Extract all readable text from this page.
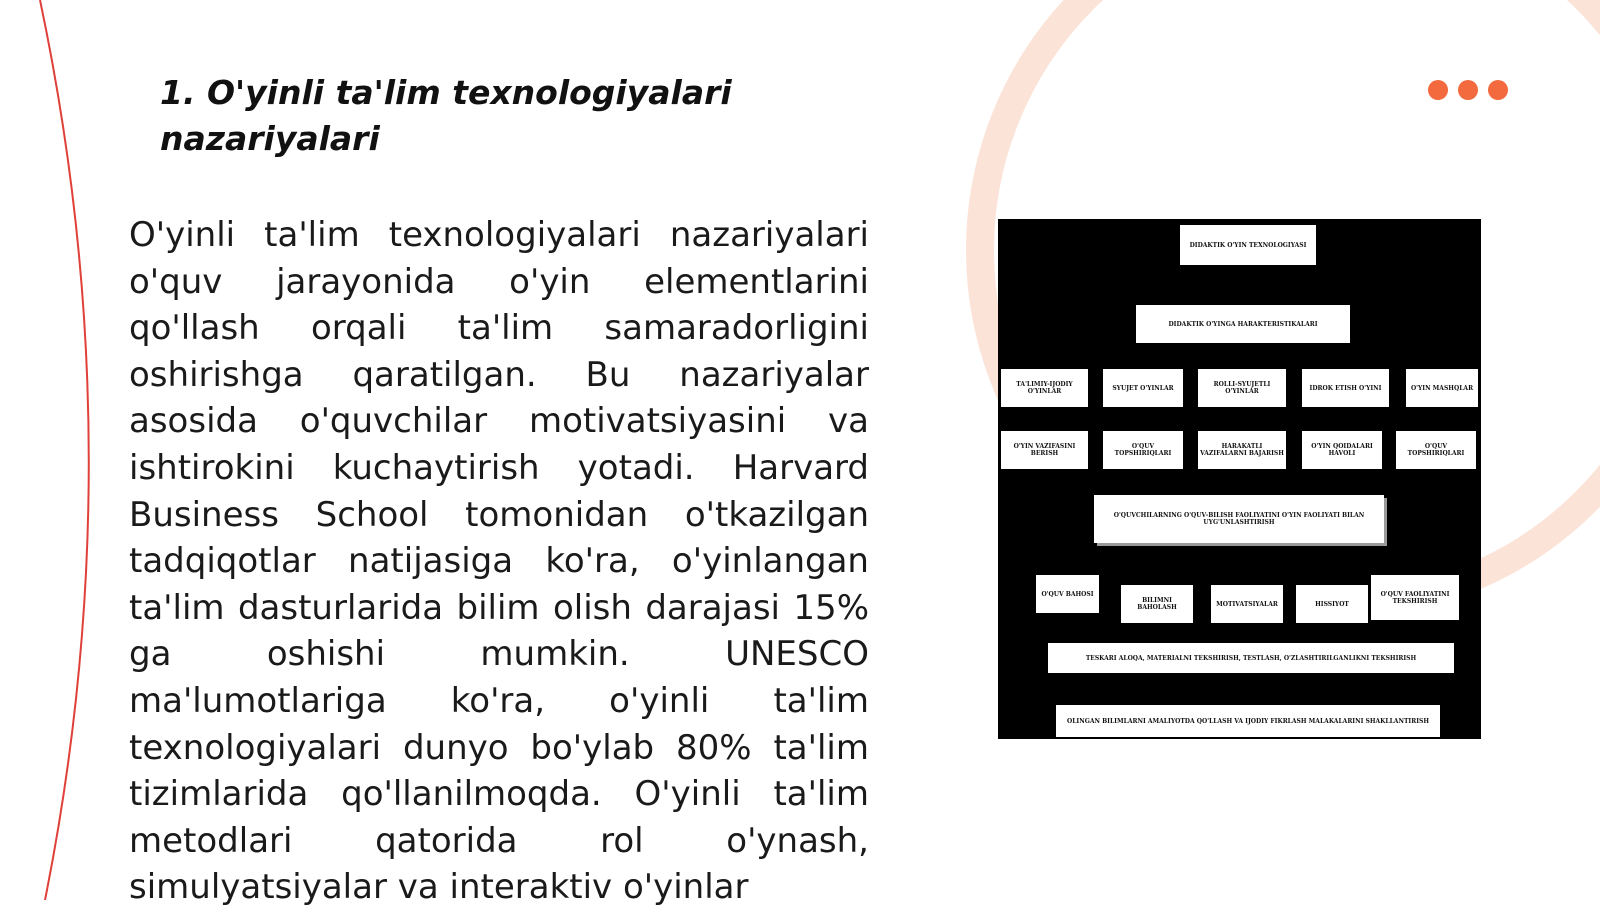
1. O'yinli ta'lim texnologiyalari nazariyalari

O'yinli ta'lim texnologiyalari nazariyalari o'quv jarayonida o'yin elementlarini qo'llash orqali ta'lim samaradorligini oshirishga qaratilgan. Bu nazariyalar asosida o'quvchilar motivatsiyasini va ishtirokini kuchaytirish yotadi. Harvard Business School tomonidan o'tkazilgan tadqiqotlar natijasiga ko'ra, o'yinlangan ta'lim dasturlarida bilim olish darajasi 15% ga oshishi mumkin. UNESCO ma'lumotlariga ko'ra, o'yinli ta'lim texnologiyalari dunyo bo'ylab 80% ta'lim tizimlarida qo'llanilmoqda. O'yinli ta'lim metodlari qatorida rol o'ynash, simulyatsiyalar va interaktiv o'yinlar

DIDAKTIK O'YIN TEXNOLOGIYASI
DIDAKTIK O'YINGA HARAKTERISTIKALARI
TA'LIMIY-IJODIY O'YINLAR	SYUJET O'YINLAR	ROLLI-SYUJETLI O'YINLAR	IDROK ETISH O'YINI	O'YIN MASHQLAR
O'YIN VAZIFASINI BERISH
O'QUV TOPSHIRIQLARI
HARAKATLI VAZIFALARNI BAJARISH
O'YIN QOIDALARI HAVOLI
O'QUV TOPSHIRIQLARI
O'QUVCHILARNING O'QUV-BILISH FAOLIYATINI O'YIN FAOLIYATI BILAN UYG'UNLASHTIRISH
O'QUV BAHOSI
BILIMNI BAHOLASH	MOTIVATSIYALAR	HISSIYOT
O'QUV FAOLIYATINI TEKSHIRISH
TESKARI ALOQA, MATERIALNI TEKSHIRISH, TESTLASH, O'ZLASHTIRILGANLIKNI TEKSHIRISH
OLINGAN BILIMLARNI AMALIYOTDA QO'LLASH VA IJODIY FIKRLASH MALAKALARINI SHAKLLANTIRISH
